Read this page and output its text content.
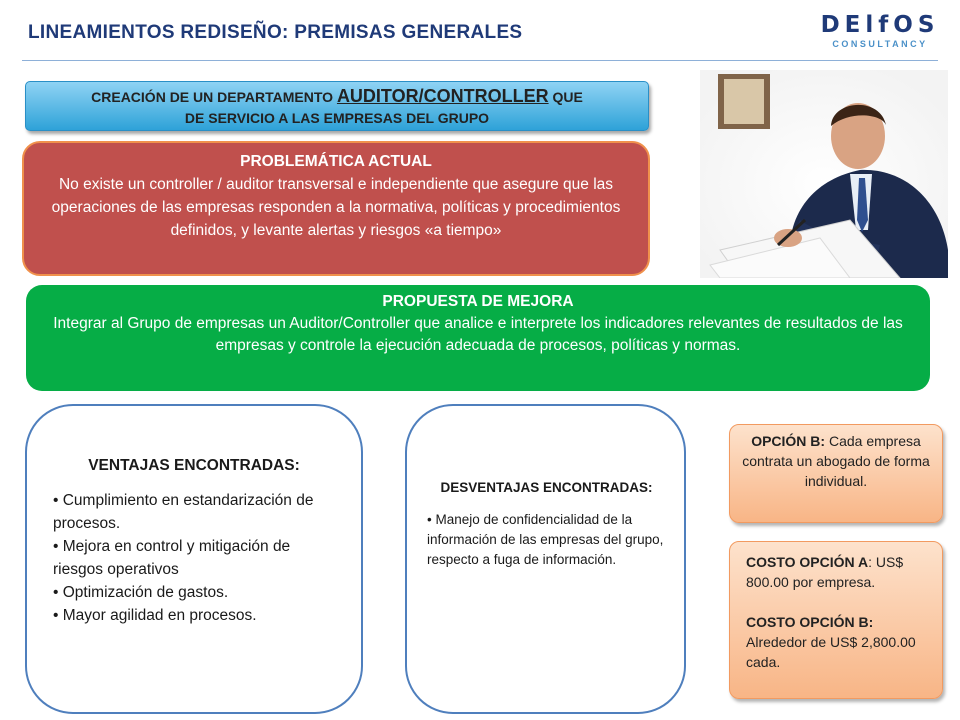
LINEAMIENTOS REDISEÑO: PREMISAS GENERALES	DElfOS
CONSULTANCY
CREACIÓN DE UN DEPARTAMENTO AUDITOR/CONTROLLER QUE
DE SERVICIO A LAS EMPRESAS DEL GRUPO
PROBLEMÁTICA ACTUAL
No existe un controller / auditor transversal e independiente que asegure que las operaciones de las empresas responden a la normativa, políticas y procedimientos definidos, y levante alertas y riesgos «a tiempo»
PROPUESTA DE MEJORA
Integrar al Grupo de empresas un Auditor/Controller que analice e interprete los indicadores relevantes de resultados de las empresas y controle la ejecución adecuada de procesos, políticas y normas.
VENTAJAS ENCONTRADAS:
• Cumplimiento en estandarización de procesos.
• Mejora en control y mitigación de riesgos operativos
• Optimización de gastos.
• Mayor agilidad en procesos.
DESVENTAJAS ENCONTRADAS:
• Manejo de confidencialidad de la información de las empresas del grupo, respecto a fuga de información.
OPCIÓN B: Cada empresa contrata un abogado de forma individual.
COSTO OPCIÓN A: US$ 800.00 por empresa.
COSTO OPCIÓN B:
Alrededor de US$ 2,800.00 cada.
